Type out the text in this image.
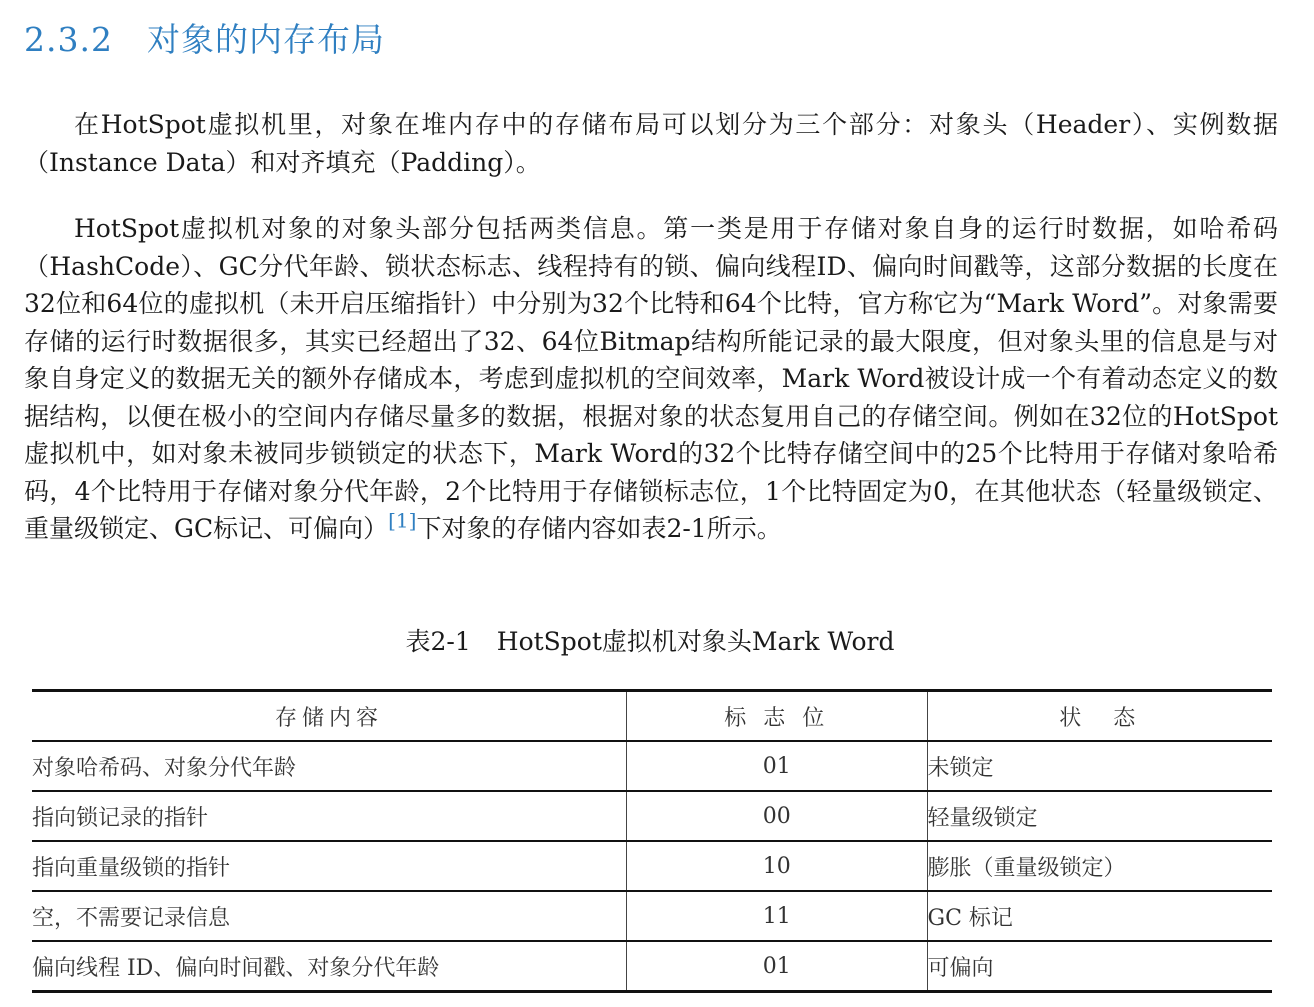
2.3.2 对象的内存布局
在HotSpot虚拟机里，对象在堆内存中的存储布局可以划分为三个部分：对象头（Header）、实例数据（Instance Data）和对齐填充（Padding）。
HotSpot虚拟机对象的对象头部分包括两类信息。第一类是用于存储对象自身的运行时数据，如哈希码（HashCode）、GC分代年龄、锁状态标志、线程持有的锁、偏向线程ID、偏向时间戳等，这部分数据的长度在32位和64位的虚拟机（未开启压缩指针）中分别为32个比特和64个比特，官方称它为“Mark Word”。对象需要存储的运行时数据很多，其实已经超出了32、64位Bitmap结构所能记录的最大限度，但对象头里的信息是与对象自身定义的数据无关的额外存储成本，考虑到虚拟机的空间效率，Mark Word被设计成一个有着动态定义的数据结构，以便在极小的空间内存储尽量多的数据，根据对象的状态复用自己的存储空间。例如在32位的HotSpot虚拟机中，如对象未被同步锁锁定的状态下，Mark Word的32个比特存储空间中的25个比特用于存储对象哈希码，4个比特用于存储对象分代年龄，2个比特用于存储锁标志位，1个比特固定为0，在其他状态（轻量级锁定、重量级锁定、GC标记、可偏向）[1]下对象的存储内容如表2-1所示。
表2-1 HotSpot虚拟机对象头Mark Word
存储内容	标 志 位	状　态
对象哈希码、对象分代年龄	01	未锁定
指向锁记录的指针	00	轻量级锁定
指向重量级锁的指针	10	膨胀（重量级锁定）
空，不需要记录信息	11	GC 标记
偏向线程 ID、偏向时间戳、对象分代年龄	01	可偏向
